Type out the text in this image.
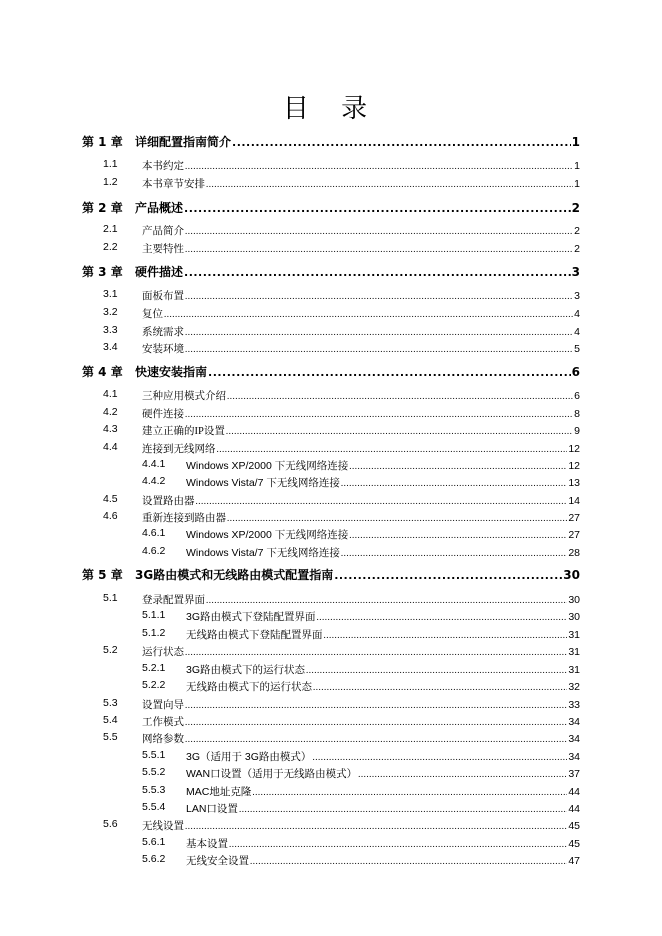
目 录
第 1 章	详细配置指南简介 .....	1
1.1	本书约定 .....	1
1.2	本书章节安排 .....	1
第 2 章	产品概述 .....	2
2.1	产品简介 .....	2
2.2	主要特性 .....	2
第 3 章	硬件描述 .....	3
3.1	面板布置 .....	3
3.2	复位 .....	4
3.3	系统需求 .....	4
3.4	安装环境 .....	5
第 4 章	快速安装指南 .....	6
4.1	三种应用模式介绍 .....	6
4.2	硬件连接 .....	8
4.3	建立正确的IP设置 .....	9
4.4	连接到无线网络 .....	12
4.4.1	Windows XP/2000 下无线网络连接 .....	12
4.4.2	Windows Vista/7 下无线网络连接 .....	13
4.5	设置路由器 .....	14
4.6	重新连接到路由器 .....	27
4.6.1	Windows XP/2000 下无线网络连接 .....	27
4.6.2	Windows Vista/7 下无线网络连接 .....	28
第 5 章	3G路由模式和无线路由模式配置指南 .....	30
5.1	登录配置界面 .....	30
5.1.1	3G路由模式下登陆配置界面 .....	30
5.1.2	无线路由模式下登陆配置界面 .....	31
5.2	运行状态 .....	31
5.2.1	3G路由模式下的运行状态 .....	31
5.2.2	无线路由模式下的运行状态 .....	32
5.3	设置向导 .....	33
5.4	工作模式 .....	34
5.5	网络参数 .....	34
5.5.1	3G（适用于 3G路由模式） .....	34
5.5.2	WAN口设置（适用于无线路由模式） .....	37
5.5.3	MAC地址克隆 .....	44
5.5.4	LAN口设置 .....	44
5.6	无线设置 .....	45
5.6.1	基本设置 .....	45
5.6.2	无线安全设置 .....	47
